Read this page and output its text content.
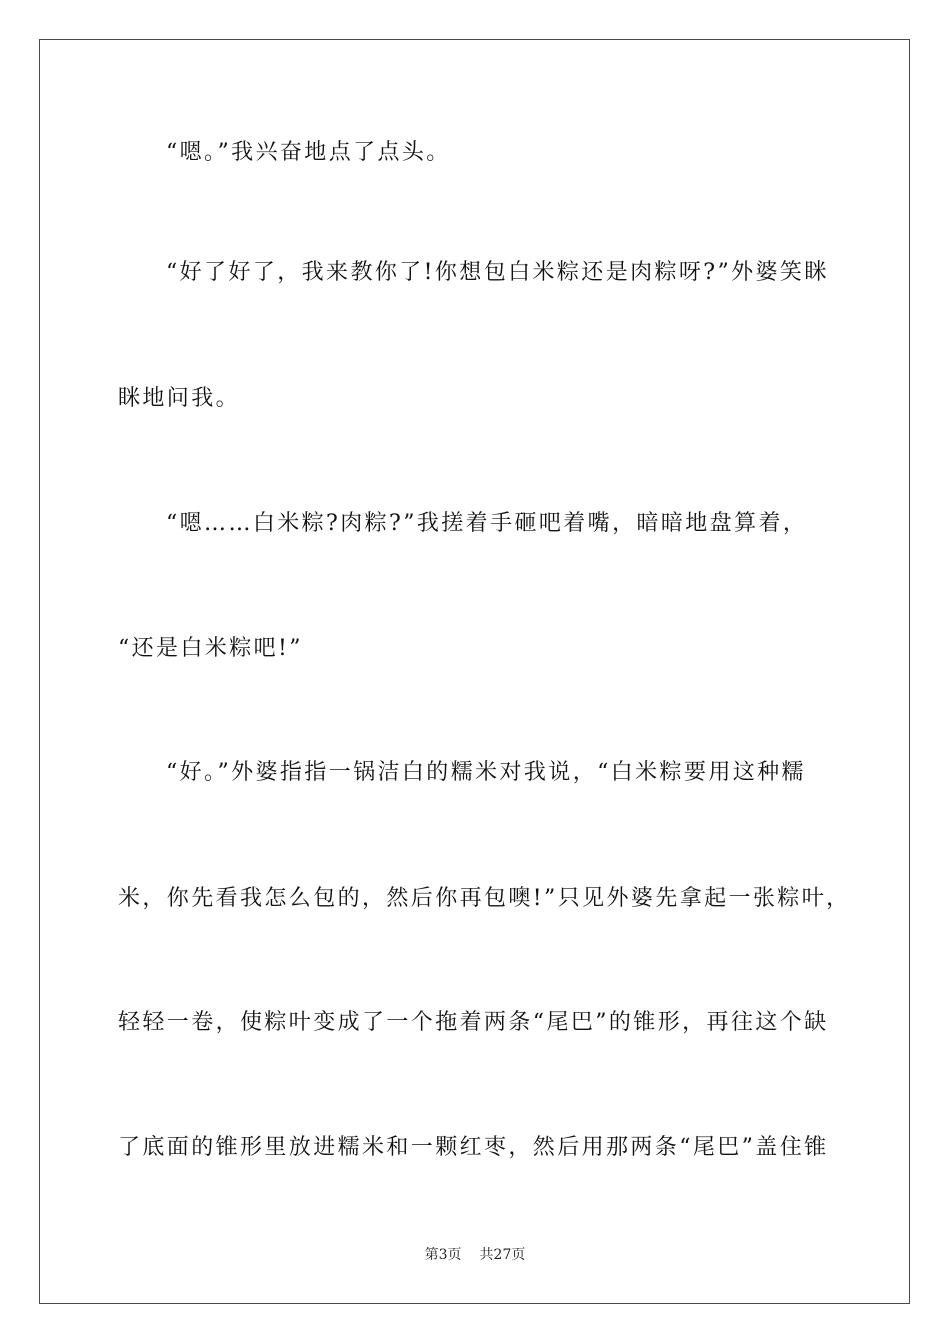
“嗯。”我兴奋地点了点头。
“好了好了，我来教你了!你想包白米粽还是肉粽呀?”外婆笑眯
眯地问我。
“嗯……白米粽?肉粽?”我搓着手砸吧着嘴，暗暗地盘算着，
“还是白米粽吧!”
“好。”外婆指指一锅洁白的糯米对我说，“白米粽要用这种糯
米，你先看我怎么包的，然后你再包噢!”只见外婆先拿起一张粽叶，
轻轻一卷，使粽叶变成了一个拖着两条“尾巴”的锥形，再往这个缺
了底面的锥形里放进糯米和一颗红枣，然后用那两条“尾巴”盖住锥
第3页 共27页
